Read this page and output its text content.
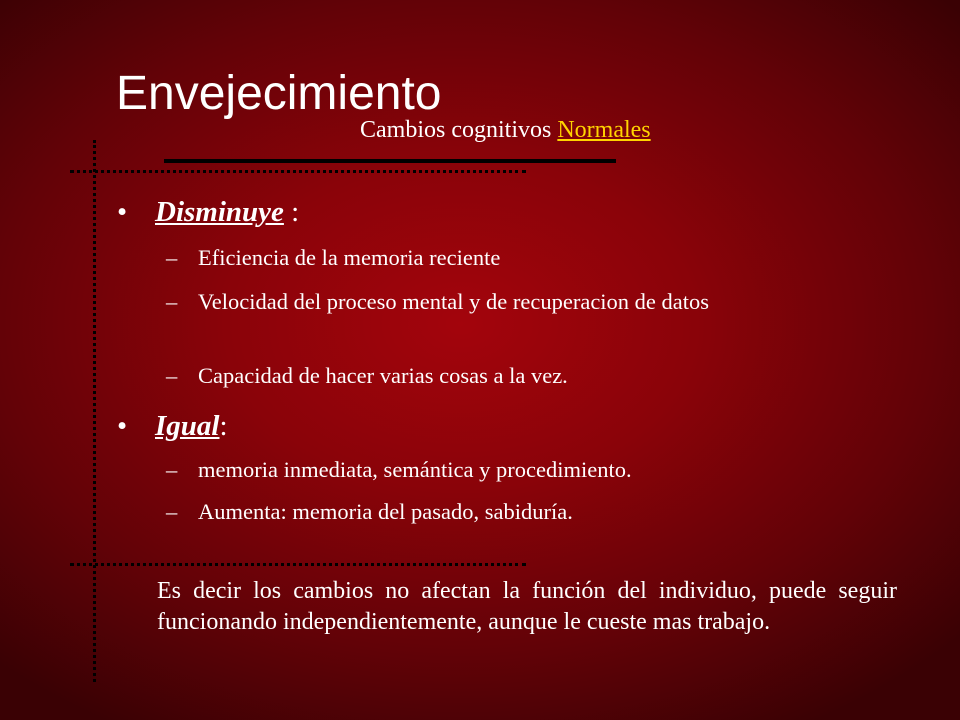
Envejecimiento
Cambios cognitivos Normales
• Disminuye :
– Eficiencia de la memoria reciente
– Velocidad del proceso mental y de recuperacion de datos
– Capacidad de hacer varias cosas a la vez.
• Igual:
– memoria inmediata, semántica y procedimiento.
– Aumenta: memoria del pasado, sabiduría.
Es decir los cambios no afectan la función del individuo, puede seguir funcionando independientemente, aunque le cueste mas trabajo.
